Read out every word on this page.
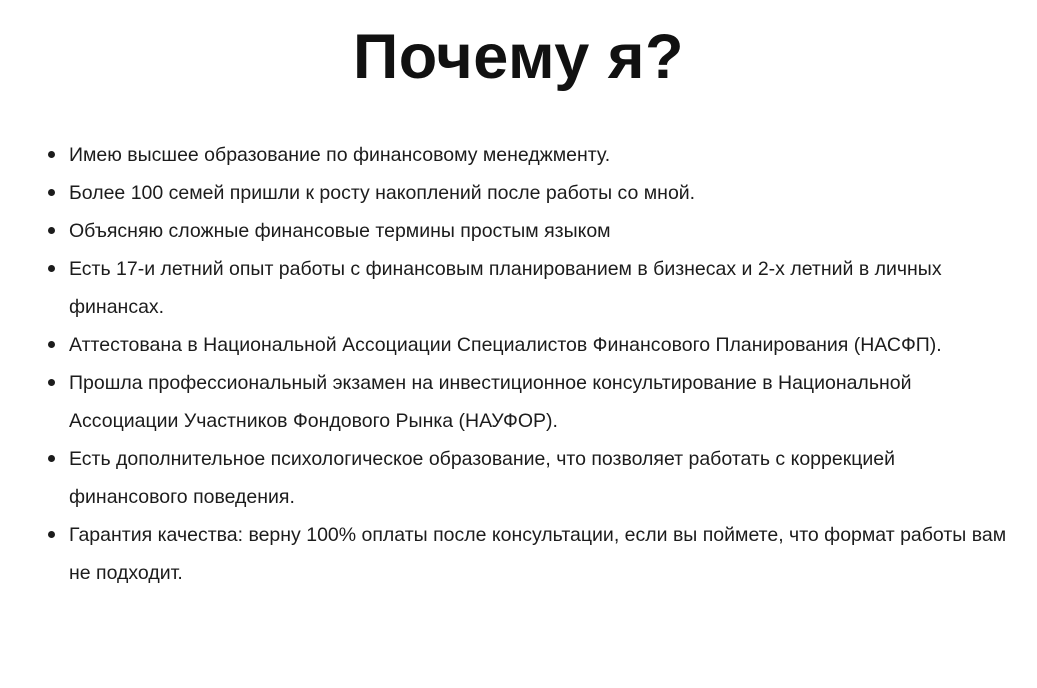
Почему я?
Имею высшее образование по финансовому менеджменту.
Более 100 семей пришли к росту накоплений после работы со мной.
Объясняю сложные финансовые термины простым языком
Есть 17-и летний опыт работы с финансовым планированием в бизнесах и 2-х летний в личных финансах.
Аттестована в Национальной Ассоциации Специалистов Финансового Планирования (НАСФП).
Прошла профессиональный экзамен на инвестиционное консультирование в Национальной Ассоциации Участников Фондового Рынка (НАУФОР).
Есть дополнительное психологическое образование, что позволяет работать с коррекцией финансового поведения.
Гарантия качества: верну 100% оплаты после консультации, если вы поймете, что формат работы вам не подходит.
